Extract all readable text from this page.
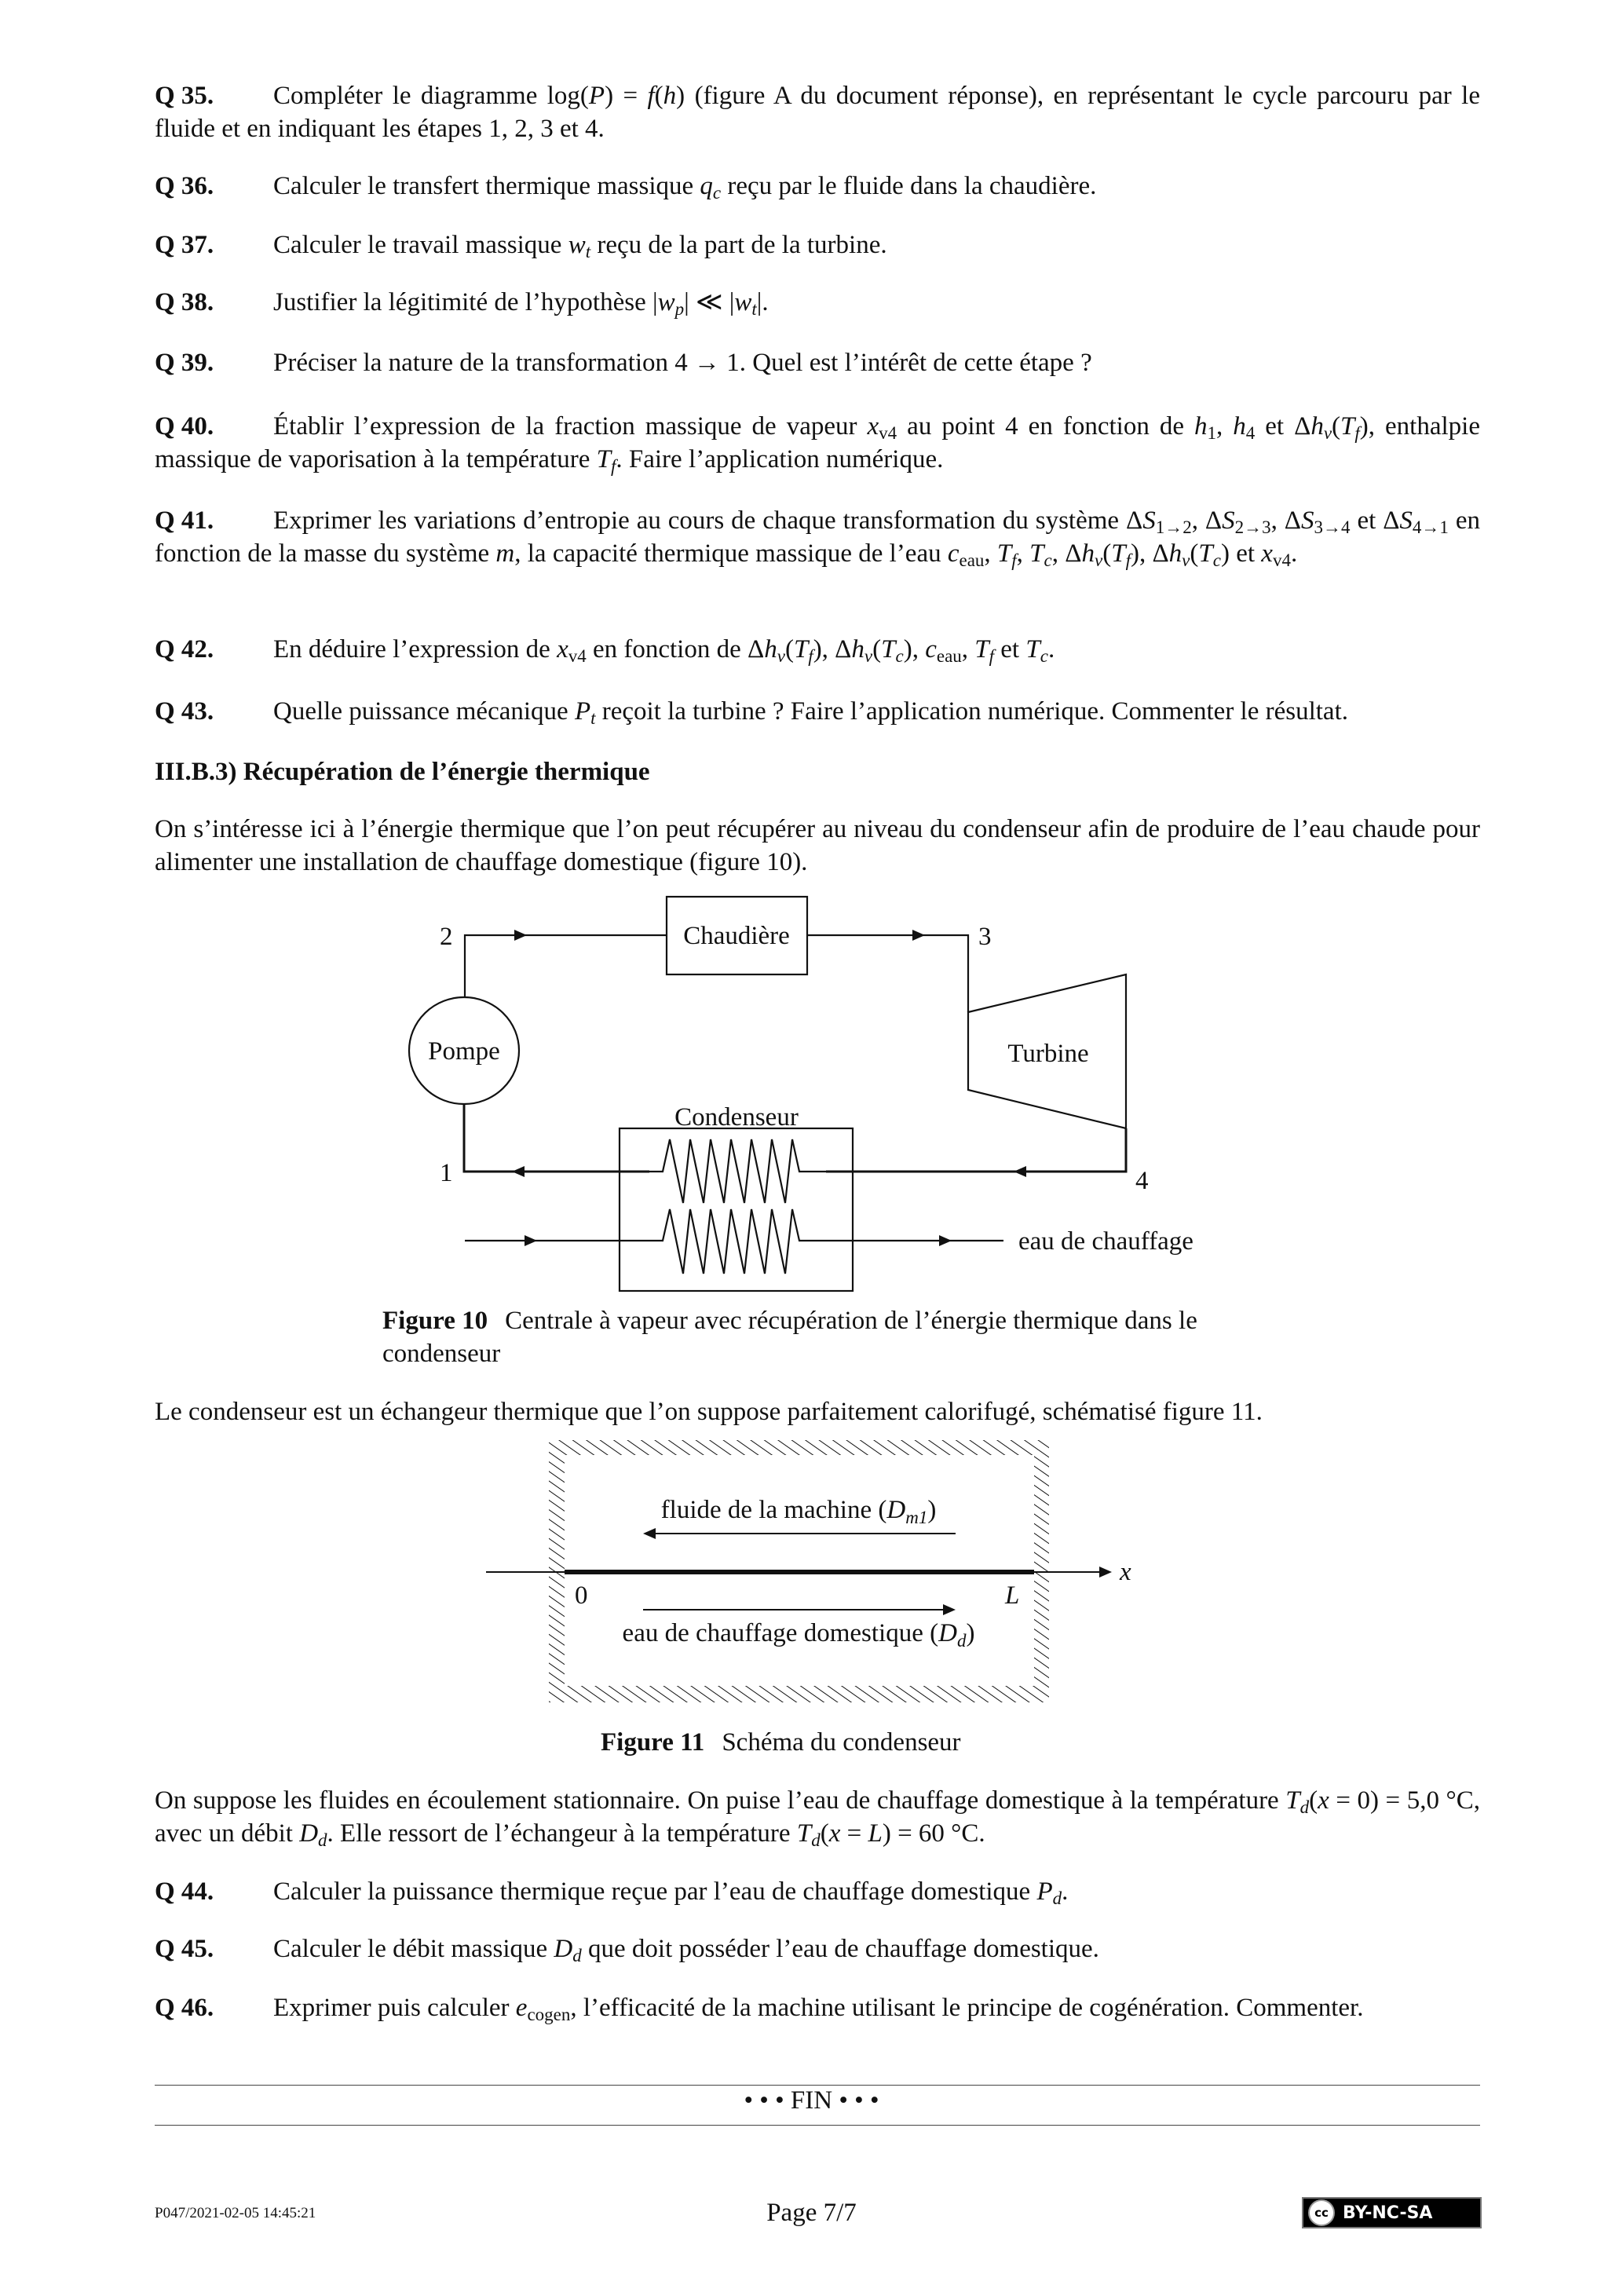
Q 35. Compléter le diagramme log(P) = f(h) (figure A du document réponse), en représentant le cycle parcouru par le fluide et en indiquant les étapes 1, 2, 3 et 4.
Q 36. Calculer le transfert thermique massique $q_c$ reçu par le fluide dans la chaudière.
Q 37. Calculer le travail massique $w_t$ reçu de la part de la turbine.
Q 38. Justifier la légitimité de l’hypothèse $|w_p|$ ≪ $|w_t|$.
Q 39. Préciser la nature de la transformation 4 → 1. Quel est l’intérêt de cette étape ?
Q 40. Établir l’expression de la fraction massique de vapeur $x_{v4}$ au point 4 en fonction de $h_1$, $h_4$ et $\Delta h_v(T_f)$, enthalpie massique de vaporisation à la température $T_f$. Faire l’application numérique.
Q 41. Exprimer les variations d’entropie au cours de chaque transformation du système $\Delta S_{1\to 2}$, $\Delta S_{2\to 3}$, $\Delta S_{3\to 4}$ et $\Delta S_{4\to 1}$ en fonction de la masse du système m, la capacité thermique massique de l’eau $c_{eau}$, $T_f$, $T_c$, $\Delta h_v(T_f)$, $\Delta h_v(T_c)$ et $x_{v4}$.
Q 42. En déduire l’expression de $x_{v4}$ en fonction de $\Delta h_v(T_f)$, $\Delta h_v(T_c)$, $c_{eau}$, $T_f$ et $T_c$.
Q 43. Quelle puissance mécanique $P_t$ reçoit la turbine ? Faire l’application numérique. Commenter le résultat.
III.B.3) Récupération de l’énergie thermique
On s’intéresse ici à l’énergie thermique que l’on peut récupérer au niveau du condenseur afin de produire de l’eau chaude pour alimenter une installation de chauffage domestique (figure 10).
Chaudière
Pompe	Turbine
Condenseur
eau de chauffage
1
2	3
4
Figure 10 Centrale à vapeur avec récupération de l’énergie thermique dans le condenseur
Le condenseur est un échangeur thermique que l’on suppose parfaitement calorifugé, schématisé figure 11.
fluide de la machine $(D_{m1})$
eau de chauffage domestique $(D_d)$
0	L
x
Figure 11 Schéma du condenseur
On suppose les fluides en écoulement stationnaire. On puise l’eau de chauffage domestique à la température $T_d(x = 0) = 5,0$ °C, avec un débit $D_d$. Elle ressort de l’échangeur à la température $T_d(x = L) = 60$ °C.
Q 44. Calculer la puissance thermique reçue par l’eau de chauffage domestique $P_d$.
Q 45. Calculer le débit massique $D_d$ que doit posséder l’eau de chauffage domestique.
Q 46. Exprimer puis calculer $e_{cogen}$, l’efficacité de la machine utilisant le principe de cogénération. Commenter.
• • • FIN • • •
P047/2021-02-05 14:45:21	Page 7/7	cc BY-NC-SA
